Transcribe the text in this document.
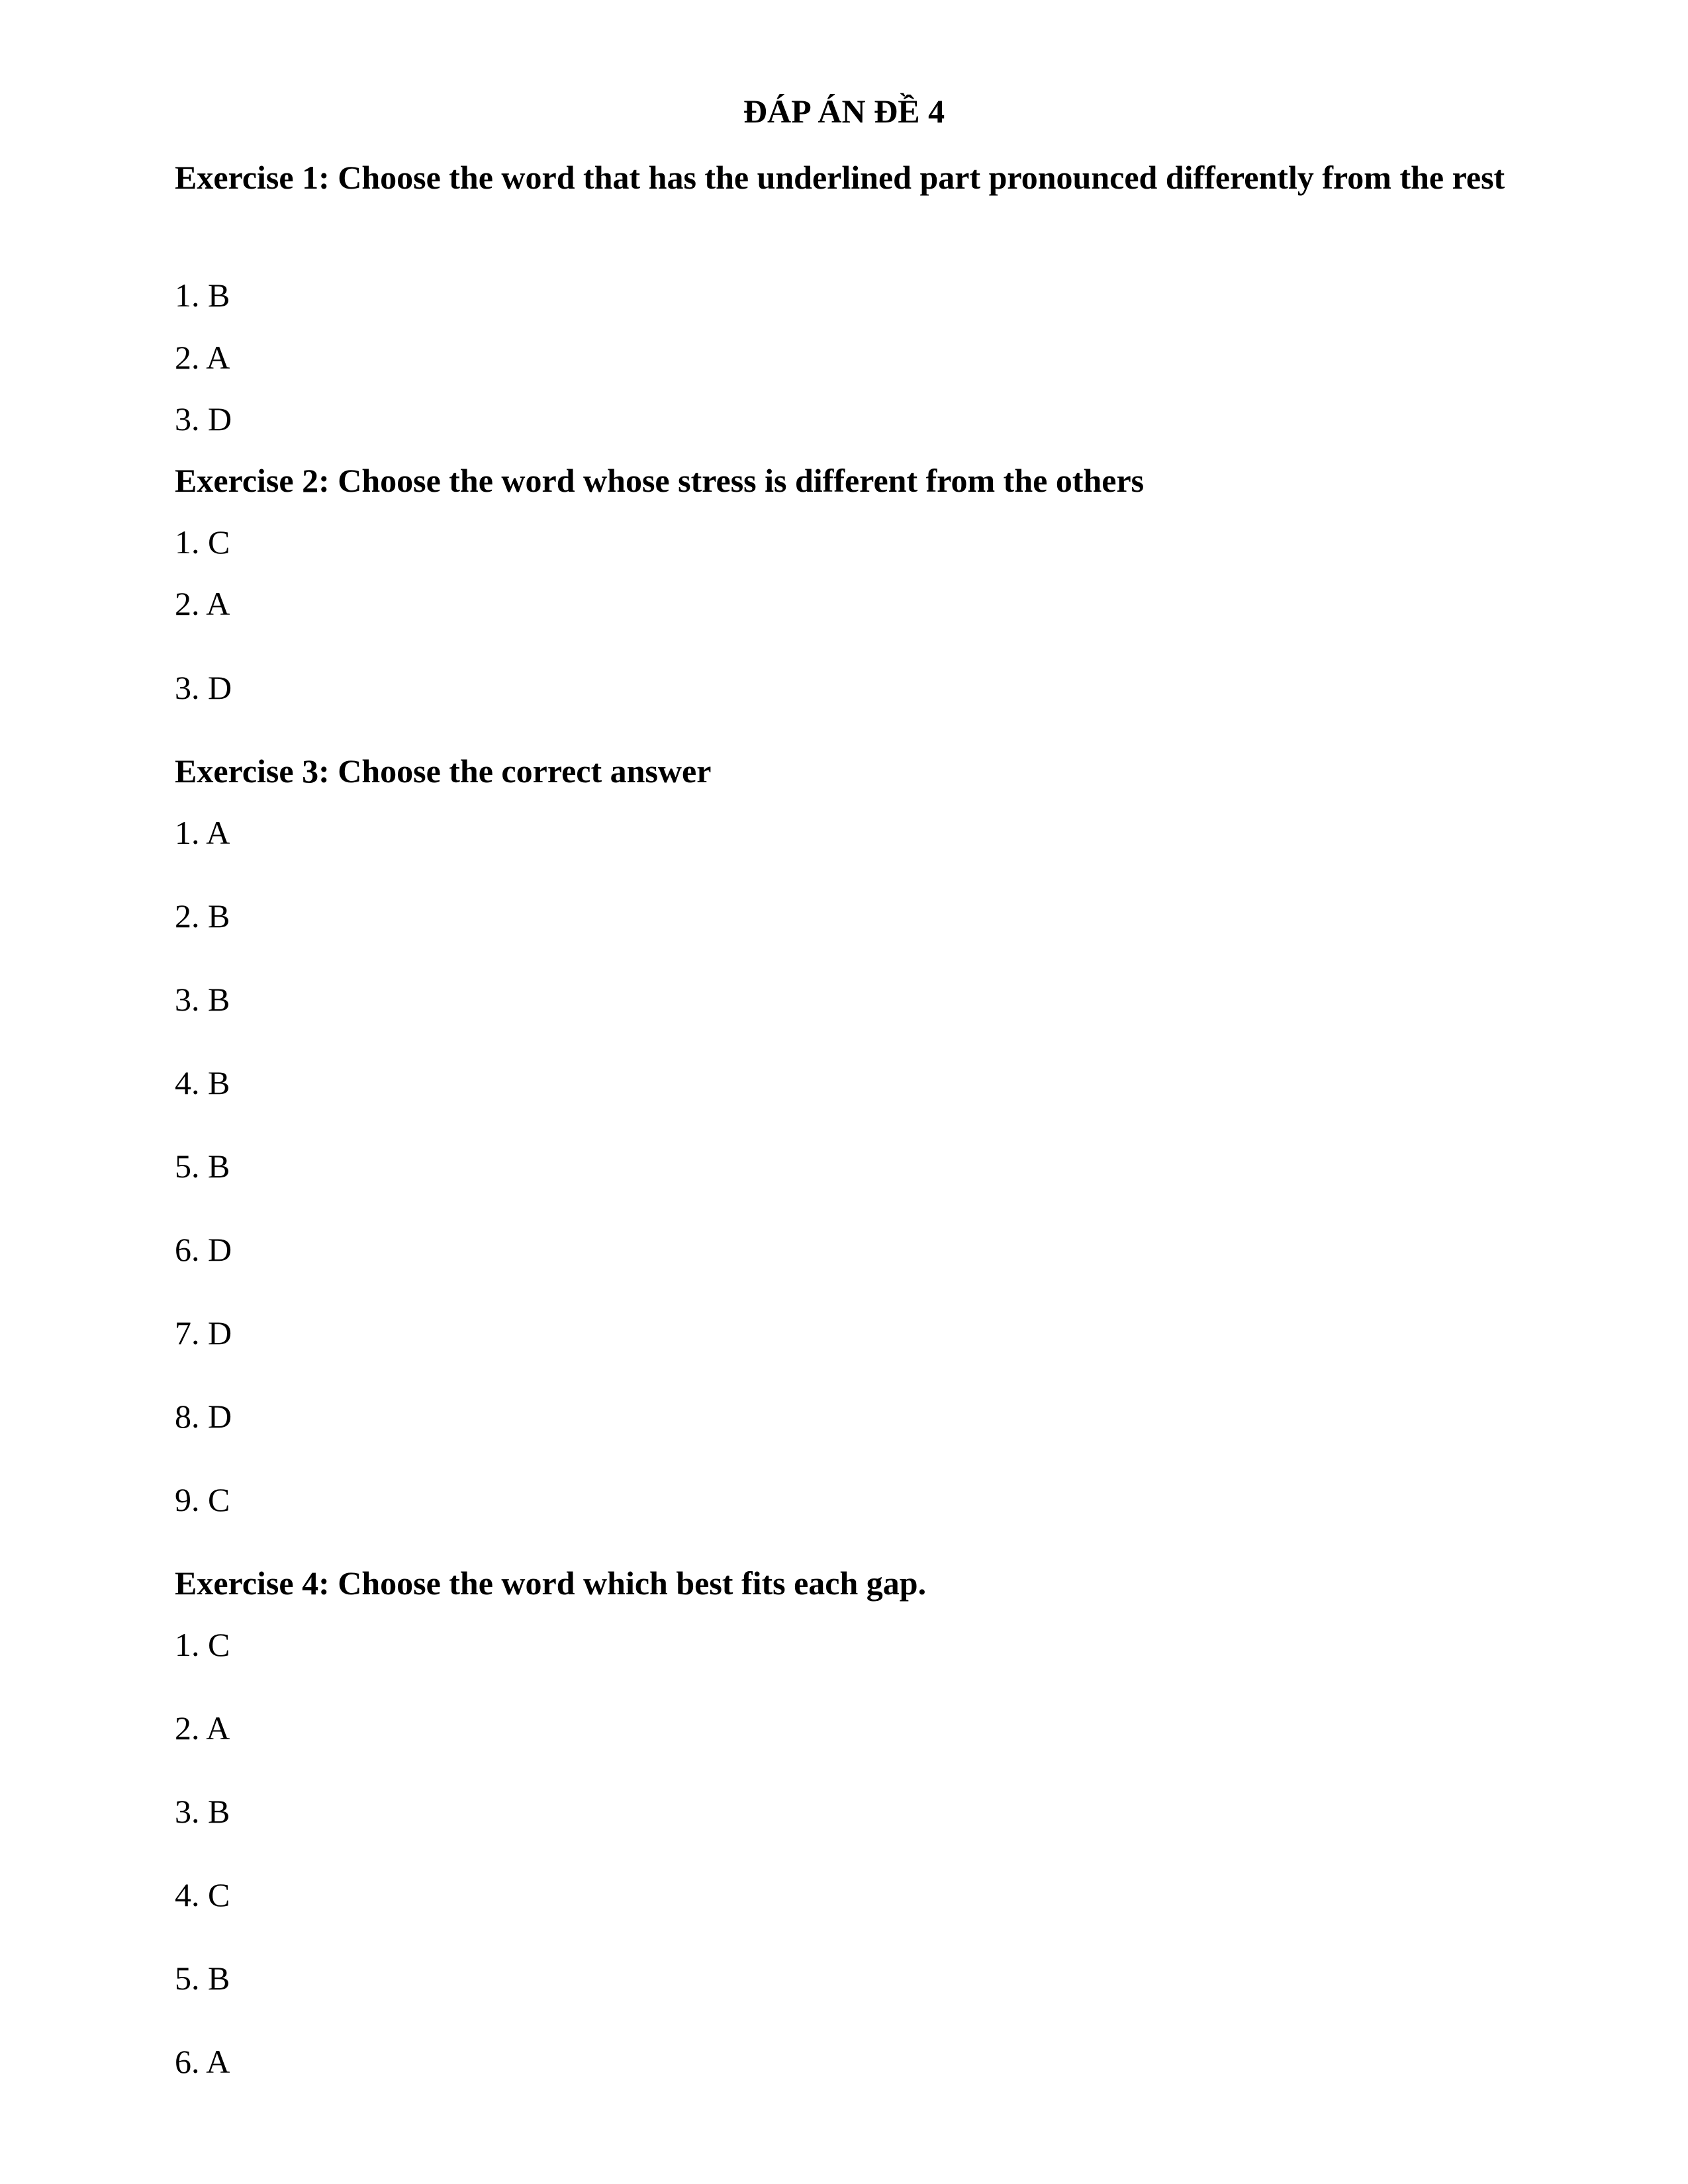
ĐÁP ÁN ĐỀ 4

Exercise 1: Choose the word that has the underlined part pronounced differently from the rest

1. B

2. A

3. D

Exercise 2: Choose the word whose stress is different from the others

1. C

2. A

3. D

Exercise 3: Choose the correct answer

1. A

2. B

3. B

4. B

5. B

6. D

7. D

8. D

9. C

Exercise 4: Choose the word which best fits each gap.

1. C

2. A

3. B

4. C

5. B

6. A
